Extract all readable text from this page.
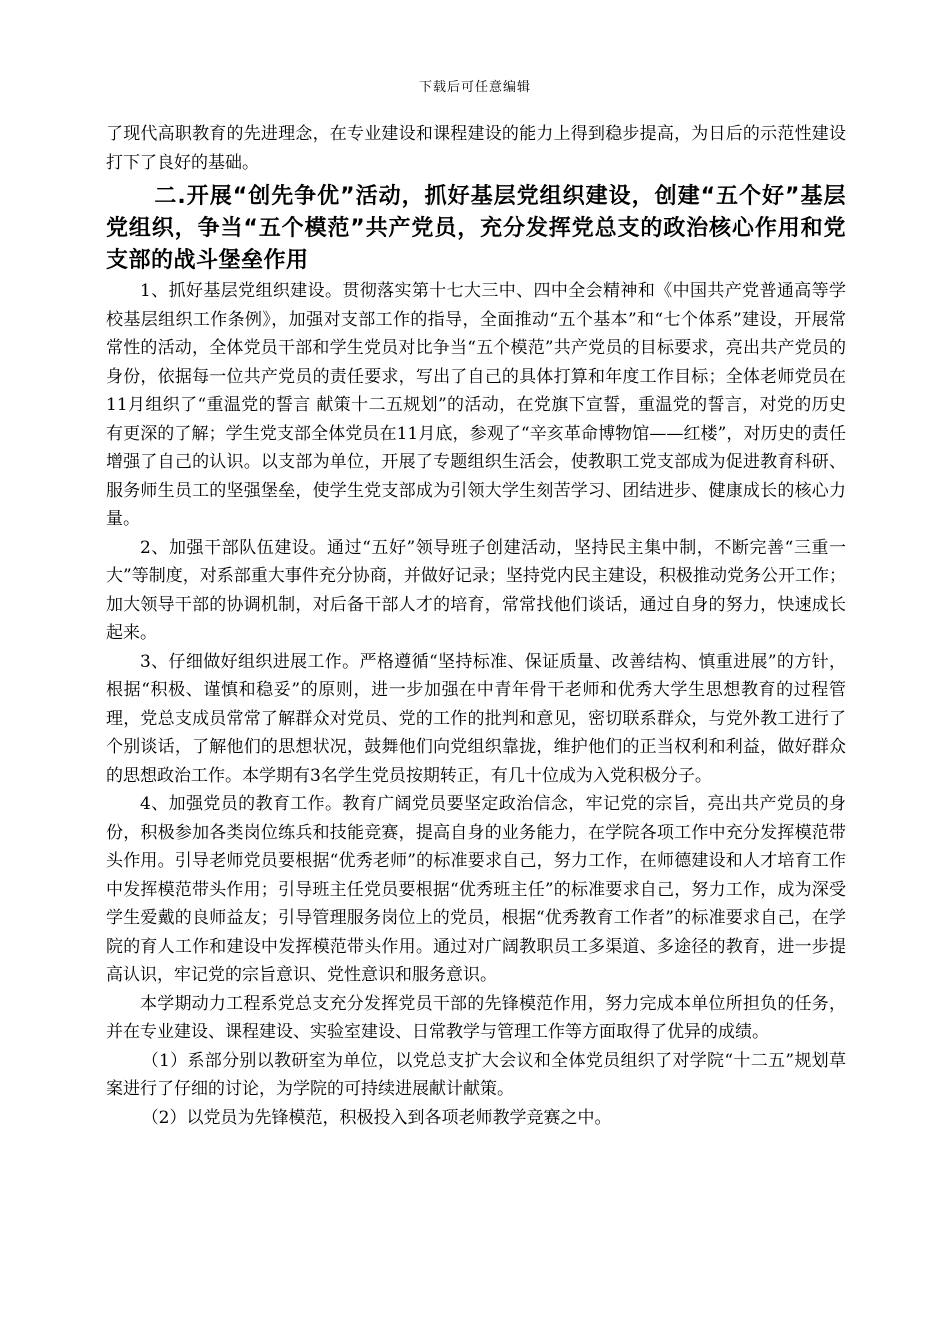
下载后可任意编辑

了现代高职教育的先进理念，在专业建设和课程建设的能力上得到稳步提高，为日后的示范性建设打下了良好的基础。

二.开展“创先争优”活动，抓好基层党组织建设，创建“五个好”基层党组织，争当“五个模范”共产党员，充分发挥党总支的政治核心作用和党支部的战斗堡垒作用

1、抓好基层党组织建设。贯彻落实第十七大三中、四中全会精神和《中国共产党普通高等学校基层组织工作条例》，加强对支部工作的指导，全面推动“五个基本”和“七个体系”建设，开展常常性的活动，全体党员干部和学生党员对比争当“五个模范”共产党员的目标要求，亮出共产党员的身份，依据每一位共产党员的责任要求，写出了自己的具体打算和年度工作目标；全体老师党员在11月组织了“重温党的誓言 献策十二五规划”的活动，在党旗下宣誓，重温党的誓言，对党的历史有更深的了解；学生党支部全体党员在11月底，参观了“辛亥革命博物馆——红楼”，对历史的责任增强了自己的认识。以支部为单位，开展了专题组织生活会，使教职工党支部成为促进教育科研、服务师生员工的坚强堡垒，使学生党支部成为引领大学生刻苦学习、团结进步、健康成长的核心力量。

2、加强干部队伍建设。通过“五好”领导班子创建活动，坚持民主集中制，不断完善“三重一大”等制度，对系部重大事件充分协商，并做好记录；坚持党内民主建设，积极推动党务公开工作；加大领导干部的协调机制，对后备干部人才的培育，常常找他们谈话，通过自身的努力，快速成长起来。

3、仔细做好组织进展工作。严格遵循“坚持标准、保证质量、改善结构、慎重进展”的方针，根据“积极、谨慎和稳妥”的原则，进一步加强在中青年骨干老师和优秀大学生思想教育的过程管理，党总支成员常常了解群众对党员、党的工作的批判和意见，密切联系群众，与党外教工进行了个别谈话，了解他们的思想状况，鼓舞他们向党组织靠拢，维护他们的正当权利和利益，做好群众的思想政治工作。本学期有3名学生党员按期转正，有几十位成为入党积极分子。

4、加强党员的教育工作。教育广阔党员要坚定政治信念，牢记党的宗旨，亮出共产党员的身份，积极参加各类岗位练兵和技能竞赛，提高自身的业务能力，在学院各项工作中充分发挥模范带头作用。引导老师党员要根据“优秀老师”的标准要求自己，努力工作，在师德建设和人才培育工作中发挥模范带头作用；引导班主任党员要根据“优秀班主任”的标准要求自己，努力工作，成为深受学生爱戴的良师益友；引导管理服务岗位上的党员，根据“优秀教育工作者”的标准要求自己，在学院的育人工作和建设中发挥模范带头作用。通过对广阔教职员工多渠道、多途径的教育，进一步提高认识，牢记党的宗旨意识、党性意识和服务意识。

本学期动力工程系党总支充分发挥党员干部的先锋模范作用，努力完成本单位所担负的任务，并在专业建设、课程建设、实验室建设、日常教学与管理工作等方面取得了优异的成绩。

（1）系部分别以教研室为单位，以党总支扩大会议和全体党员组织了对学院“十二五”规划草案进行了仔细的讨论，为学院的可持续进展献计献策。

（2）以党员为先锋模范，积极投入到各项老师教学竞赛之中。
